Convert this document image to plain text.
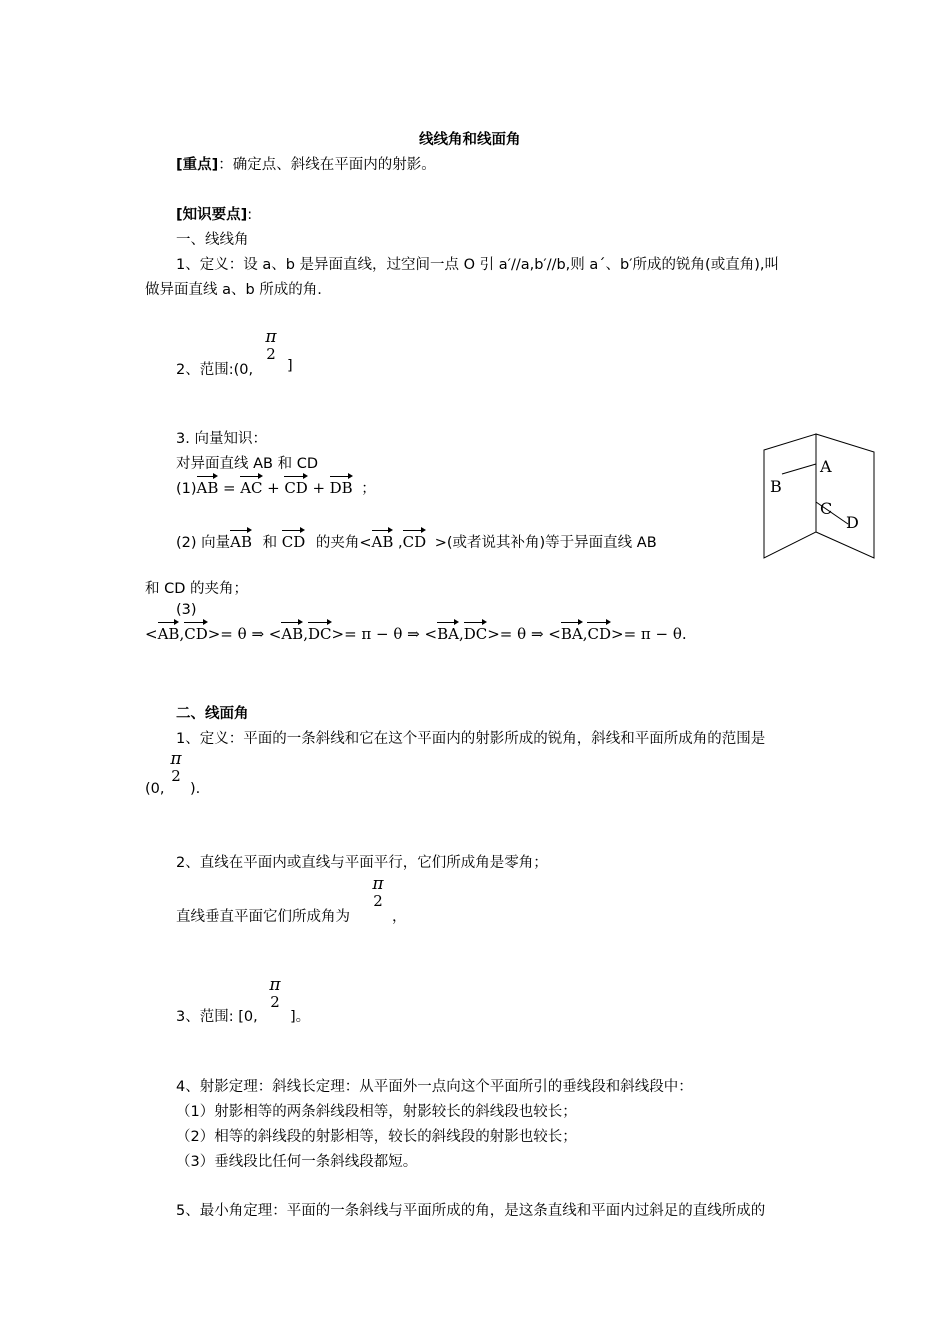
线线角和线面角
[重点]：确定点、斜线在平面内的射影。
[知识要点]:
一、线线角
1、定义：设 a、b 是异面直线，过空间一点 O 引 a′//a,b′//b,则 a´、b′所成的锐角(或直角),叫
做异面直线 a、b 所成的角.
2、范围:(0,
π
2
]
3. 向量知识：
对异面直线 AB 和 CD
(1)AB = AC + CD + DB ；
(2) 向量AB 和 CD 的夹角<AB ,CD >(或者说其补角)等于异面直线 AB
和 CD 的夹角；
(3)
<AB,CD>= θ ⇒ <AB,DC>= π − θ ⇒ <BA,DC>= θ ⇒ <BA,CD>= π − θ.
A
B
C
D
二、线面角
1、定义：平面的一条斜线和它在这个平面内的射影所成的锐角，斜线和平面所成角的范围是
(0,
π
2
).
2、直线在平面内或直线与平面平行，它们所成角是零角；
直线垂直平面它们所成角为
π
2
，
3、范围: [0,
π
2
]。
4、射影定理：斜线长定理：从平面外一点向这个平面所引的垂线段和斜线段中：
（1）射影相等的两条斜线段相等，射影较长的斜线段也较长；
（2）相等的斜线段的射影相等，较长的斜线段的射影也较长；
（3）垂线段比任何一条斜线段都短。
5、最小角定理：平面的一条斜线与平面所成的角，是这条直线和平面内过斜足的直线所成的
